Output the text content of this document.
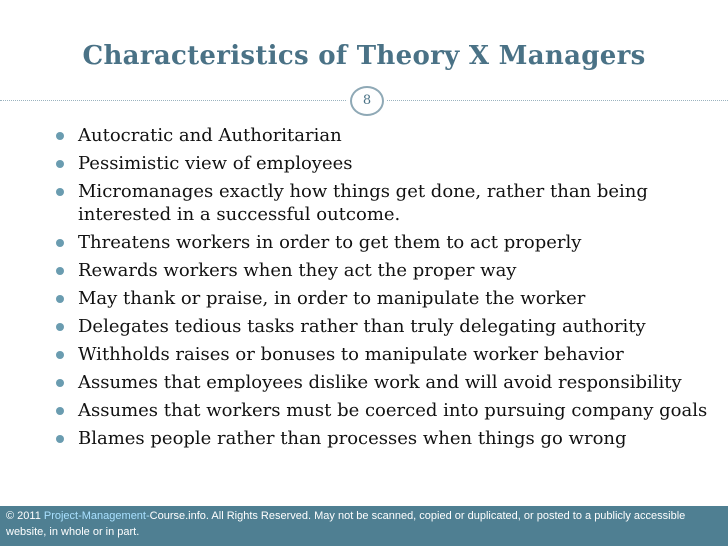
Characteristics of Theory X Managers
8
Autocratic and Authoritarian
Pessimistic view of employees
Micromanages exactly how things get done, rather than being interested in a successful outcome.
Threatens workers in order to get them to act properly
Rewards workers when they act the proper way
May thank or praise, in order to manipulate the worker
Delegates tedious tasks rather than truly delegating authority
Withholds raises or bonuses to manipulate worker behavior
Assumes that employees dislike work and will avoid responsibility
Assumes that workers must be coerced into pursuing company goals
Blames people rather than processes when things go wrong
© 2011 Project-Management-Course.info. All Rights Reserved. May not be scanned, copied or duplicated, or posted to a publicly accessible website, in whole or in part.
